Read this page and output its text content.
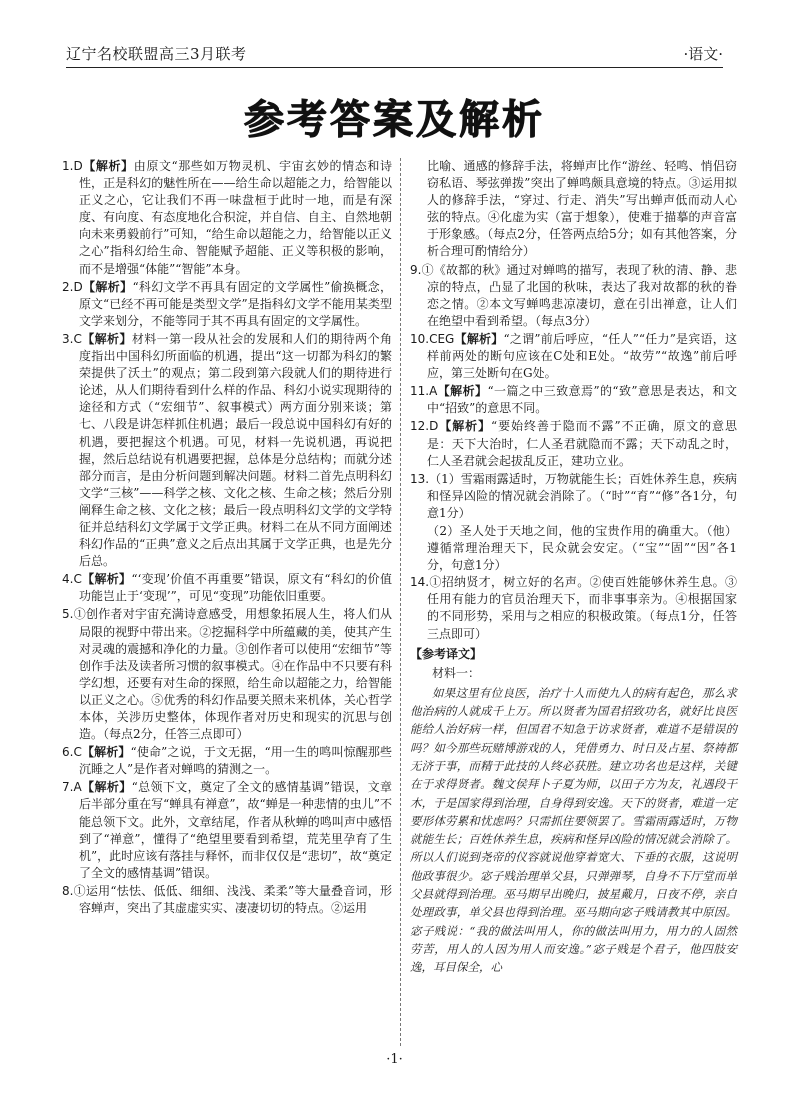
辽宁名校联盟高三3月联考	·语文·
参考答案及解析

1.D【解析】由原文“那些如万物灵机、宇宙玄妙的情态和诗性，正是科幻的魅性所在——给生命以超能之力，给智能以正义之心，它让我们不再一味盘桓于此时一地，而是有深度、有向度、有态度地化合积淀，并自信、自主、自然地朝向未来勇毅前行”可知，“给生命以超能之力，给智能以正义之心”指科幻给生命、智能赋予超能、正义等积极的影响，而不是增强“体能”“智能”本身。

2.D【解析】“科幻文学不再具有固定的文学属性”偷换概念，原文“已经不再可能是类型文学”是指科幻文学不能用某类型文学来划分，不能等同于其不再具有固定的文学属性。

3.C【解析】材料一第一段从社会的发展和人们的期待两个角度指出中国科幻所面临的机遇，提出“这一切都为科幻的繁荣提供了沃土”的观点；第二段到第六段就人们的期待进行论述，从人们期待看到什么样的作品、科幻小说实现期待的途径和方式（“宏细节”、叙事模式）两方面分别来谈；第七、八段是讲怎样抓住机遇；最后一段总说中国科幻有好的机遇，要把握这个机遇。可见，材料一先说机遇，再说把握，然后总结说有机遇要把握，总体是分总结构；而就分述部分而言，是由分析问题到解决问题。材料二首先点明科幻文学“三核”——科学之核、文化之核、生命之核；然后分别阐释生命之核、文化之核；最后一段点明科幻文学的文学特征并总结科幻文学属于文学正典。材料二在从不同方面阐述科幻作品的“正典”意义之后点出其属于文学正典，也是先分后总。

4.C【解析】“‘变现’价值不再重要”错误，原文有“科幻的价值功能岂止于‘变现’”，可见“变现”功能依旧重要。

5.①创作者对宇宙充满诗意感受，用想象拓展人生，将人们从局限的视野中带出来。②挖掘科学中所蕴藏的美，使其产生对灵魂的震撼和净化的力量。③创作者可以使用“宏细节”等创作手法及读者所习惯的叙事模式。④在作品中不只要有科学幻想，还要有对生命的探照，给生命以超能之力，给智能以正义之心。⑤优秀的科幻作品要关照未来机体，关心哲学本体，关涉历史整体，体现作者对历史和现实的沉思与创造。（每点2分，任答三点即可）

6.C【解析】“使命”之说，于文无据，“用一生的鸣叫惊醒那些沉睡之人”是作者对蝉鸣的猜测之一。

7.A【解析】“总领下文，奠定了全文的感情基调”错误，文章后半部分重在写“蝉具有禅意”，故“蝉是一种悲情的虫儿”不能总领下文。此外，文章结尾，作者从秋蝉的鸣叫声中感悟到了“禅意”，懂得了“绝望里要看到希望，荒芜里孕育了生机”，此时应该有落挂与释怀，而非仅仅是“悲切”，故“奠定了全文的感情基调”错误。

8.①运用“怯怯、低低、细细、浅浅、柔柔”等大量叠音词，形容蝉声，突出了其虚虚实实、凄凄切切的特点。②运用

比喻、通感的修辞手法，将蝉声比作“游丝、轻鸣、悄侣窃窃私语、琴弦弹拨”突出了蝉鸣颇具意境的特点。③运用拟人的修辞手法，“穿过、行走、消失”写出蝉声低而动人心弦的特点。④化虚为实（富于想象），使难于描摹的声音富于形象感。（每点2分，任答两点给5分；如有其他答案，分析合理可酌情给分）

9.①《故都的秋》通过对蝉鸣的描写，表现了秋的清、静、悲凉的特点，凸显了北国的秋味，表达了我对故都的秋的眷恋之情。②本文写蝉鸣悲凉凄切，意在引出禅意，让人们在绝望中看到希望。（每点3分）

10.CEG【解析】“之谓”前后呼应，“任人”“任力”是宾语，这样前两处的断句应该在C处和E处。“故劳”“故逸”前后呼应，第三处断句在G处。

11.A【解析】“一篇之中三致意焉”的“致”意思是表达，和文中“招致”的意思不同。

12.D【解析】“要始终善于隐而不露”不正确，原文的意思是：天下大治时，仁人圣君就隐而不露；天下动乱之时，仁人圣君就会起拔乱反正，建功立业。

13.（1）雪霜雨露适时，万物就能生长；百姓休养生息，疾病和怪异凶险的情况就会消除了。（“时”“育”“修”各1分，句意1分）

（2）圣人处于天地之间，他的宝贵作用的确重大。（他）遵循常理治理天下，民众就会安定。（“宝”“固”“因”各1分，句意1分）

14.①招纳贤才，树立好的名声。②使百姓能够休养生息。③任用有能力的官员治理天下，而非事事亲为。④根据国家的不同形势，采用与之相应的积极政策。（每点1分，任答三点即可）

【参考译文】
材料一：

如果这里有位良医，治疗十人而使九人的病有起色，那么求他治病的人就成千上万。所以贤者为国君招致功名，就好比良医能给人治好病一样，但国君不知急于访求贤者，难道不是错误的吗？如今那些玩赌博游戏的人，凭借勇力、时日及占星、祭祷都无济于事，而精于此技的人终必获胜。建立功名也是这样，关键在于求得贤者。魏文侯拜卜子夏为师，以田子方为友，礼遇段干木，于是国家得到治理，自身得到安逸。天下的贤者，难道一定要形体劳累和忧虑吗？只需抓住要领罢了。雪霜雨露适时，万物就能生长；百姓休养生息，疾病和怪异凶险的情况就会消除了。所以人们说到尧帝的仪容就说他穿着宽大、下垂的衣服，这说明他政事很少。宓子贱治理单父县，只弹弹琴，自身不下厅堂而单父县就得到治理。巫马期早出晚归，披星戴月，日夜不停，亲自处理政事，单父县也得到治理。巫马期向宓子贱请教其中原因。宓子贱说：“我的做法叫用人，你的做法叫用力，用力的人固然劳苦，用人的人因为用人而安逸。”宓子贱是个君子，他四肢安逸，耳目保全，心

·1·
